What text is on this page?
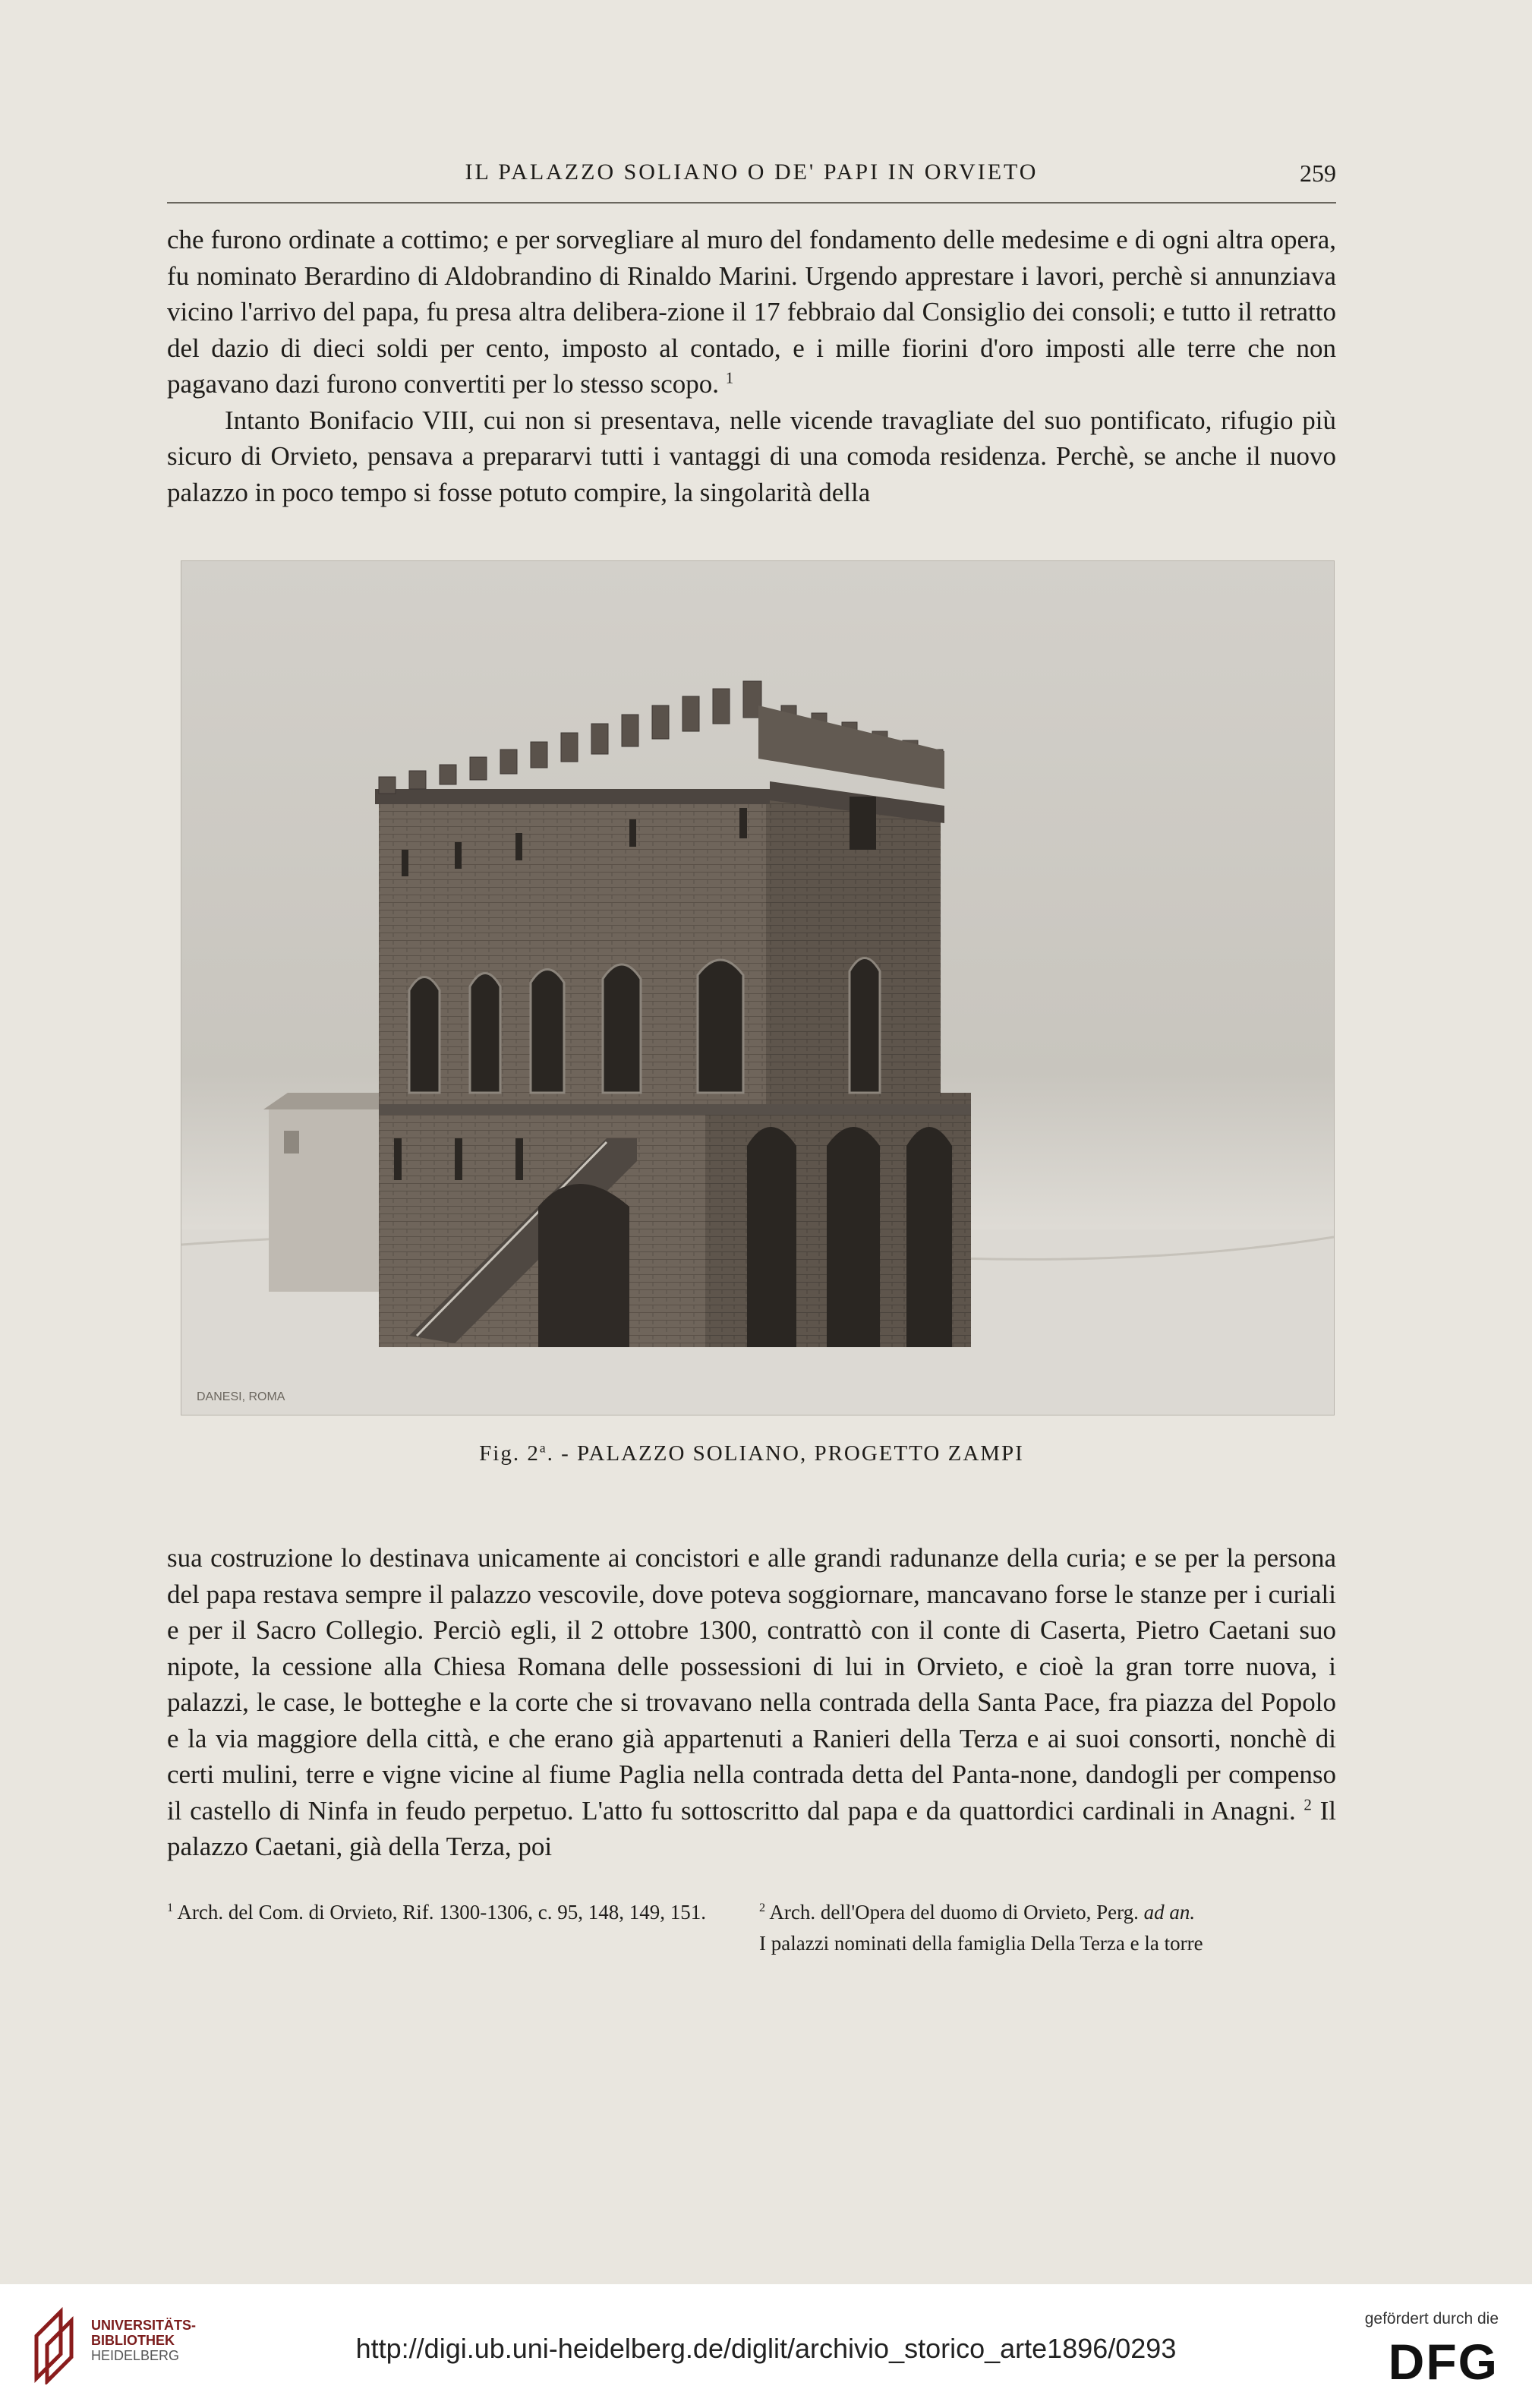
IL PALAZZO SOLIANO O DE' PAPI IN ORVIETO	259

che furono ordinate a cottimo; e per sorvegliare al muro del fondamento delle medesime e di ogni altra opera, fu nominato Berardino di Aldobrandino di Rinaldo Marini. Urgendo apprestare i lavori, perchè si annunziava vicino l'arrivo del papa, fu presa altra delibera-zione il 17 febbraio dal Consiglio dei consoli; e tutto il retratto del dazio di dieci soldi per cento, imposto al contado, e i mille fiorini d'oro imposti alle terre che non pagavano dazi furono convertiti per lo stesso scopo. $^1$

Intanto Bonifacio VIII, cui non si presentava, nelle vicende travagliate del suo pontificato, rifugio più sicuro di Orvieto, pensava a prepararvi tutti i vantaggi di una comoda residenza. Perchè, se anche il nuovo palazzo in poco tempo si fosse potuto compire, la singolarità della

DANESI, ROMA
Fig. 2$^a$. - PALAZZO SOLIANO, PROGETTO ZAMPI

sua costruzione lo destinava unicamente ai concistori e alle grandi radunanze della curia; e se per la persona del papa restava sempre il palazzo vescovile, dove poteva soggiornare, mancavano forse le stanze per i curiali e per il Sacro Collegio. Perciò egli, il 2 ottobre 1300, contrattò con il conte di Caserta, Pietro Caetani suo nipote, la cessione alla Chiesa Romana delle possessioni di lui in Orvieto, e cioè la gran torre nuova, i palazzi, le case, le botteghe e la corte che si trovavano nella contrada della Santa Pace, fra piazza del Popolo e la via maggiore della città, e che erano già appartenuti a Ranieri della Terza e ai suoi consorti, nonchè di certi mulini, terre e vigne vicine al fiume Paglia nella contrada detta del Panta-none, dandogli per compenso il castello di Ninfa in feudo perpetuo. L'atto fu sottoscritto dal papa e da quattordici cardinali in Anagni. $^2$ Il palazzo Caetani, già della Terza, poi

$^1$ Arch. del Com. di Orvieto, Rif. 1300-1306, c. 95, 148, 149, 151.	$^2$ Arch. dell'Opera del duomo di Orvieto, Perg. ad an.

I palazzi nominati della famiglia Della Terza e la torre

UNIVERSITÄTS-
BIBLIOTHEK
HEIDELBERG	http://digi.ub.uni-heidelberg.de/diglit/archivio_storico_arte1896/0293
gefördert durch die
DFG
